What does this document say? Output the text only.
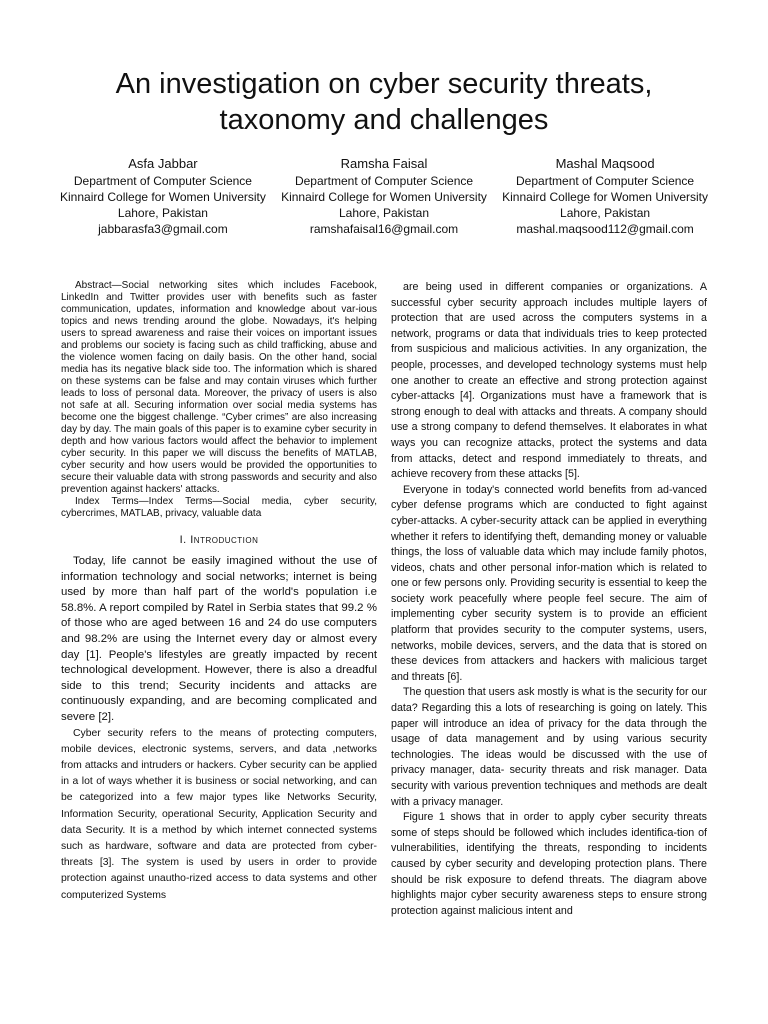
An investigation on cyber security threats,
taxonomy and challenges
Asfa Jabbar
Department of Computer Science
Kinnaird College for Women University
Lahore, Pakistan
jabbarasfa3@gmail.com
Ramsha Faisal
Department of Computer Science
Kinnaird College for Women University
Lahore, Pakistan
ramshafaisal16@gmail.com
Mashal Maqsood
Department of Computer Science
Kinnaird College for Women University
Lahore, Pakistan
mashal.maqsood112@gmail.com

Abstract—Social networking sites which includes Facebook, LinkedIn and Twitter provides user with benefits such as faster communication, updates, information and knowledge about var-ious topics and news trending around the globe. Nowadays, it's helping users to spread awareness and raise their voices on important issues and problems our society is facing such as child trafficking, abuse and the violence women facing on daily basis. On the other hand, social media has its negative black side too. The information which is shared on these systems can be false and may contain viruses which further leads to loss of personal data. Moreover, the privacy of users is also not safe at all. Securing information over social media systems has become one the biggest challenge. “Cyber crimes” are also increasing day by day. The main goals of this paper is to examine cyber security in depth and how various factors would affect the behavior to implement cyber security. In this paper we will discuss the benefits of MATLAB, cyber security and how users would be provided the opportunities to secure their valuable data with strong passwords and security and also prevention against hackers' attacks.

Index Terms—Index Terms—Social media, cyber security, cybercrimes, MATLAB, privacy, valuable data

I. Introduction

Today, life cannot be easily imagined without the use of information technology and social networks; internet is being used by more than half part of the world's population i.e 58.8%. A report compiled by Ratel in Serbia states that 99.2 % of those who are aged between 16 and 24 do use computers and 98.2% are using the Internet every day or almost every day [1]. People's lifestyles are greatly impacted by recent technological development. However, there is also a dreadful side to this trend; Security incidents and attacks are continuously expanding, and are becoming complicated and severe [2].

Cyber security refers to the means of protecting computers, mobile devices, electronic systems, servers, and data ,networks from attacks and intruders or hackers. Cyber security can be applied in a lot of ways whether it is business or social networking, and can be categorized into a few major types like Networks Security, Information Security, operational Security, Application Security and data Security. It is a method by which internet connected systems such as hardware, software and data are protected from cyber-threats [3]. The system is used by users in order to provide protection against unautho-rized access to data systems and other computerized Systems

are being used in different companies or organizations. A successful cyber security approach includes multiple layers of protection that are used across the computers systems in a network, programs or data that individuals tries to keep protected from suspicious and malicious activities. In any organization, the people, processes, and developed technology systems must help one another to create an effective and strong protection against cyber-attacks [4]. Organizations must have a framework that is strong enough to deal with attacks and threats. A company should use a strong company to defend themselves. It elaborates in what ways you can recognize attacks, protect the systems and data from attacks, detect and respond immediately to threats, and achieve recovery from these attacks [5].

Everyone in today's connected world benefits from ad-vanced cyber defense programs which are conducted to fight against cyber-attacks. A cyber-security attack can be applied in everything whether it refers to identifying theft, demanding money or valuable things, the loss of valuable data which may include family photos, videos, chats and other personal infor-mation which is related to one or few persons only. Providing security is essential to keep the society work peacefully where people feel secure. The aim of implementing cyber security system is to provide an efficient platform that provides security to the computer systems, users, networks, mobile devices, servers, and the data that is stored on these devices from attackers and hackers with malicious target and threats [6].

The question that users ask mostly is what is the security for our data? Regarding this a lots of researching is going on lately. This paper will introduce an idea of privacy for the data through the usage of data management and by using various security technologies. The ideas would be discussed with the use of privacy manager, data- security threats and risk manager. Data security with various prevention techniques and methods are dealt with a privacy manager.

Figure 1 shows that in order to apply cyber security threats some of steps should be followed which includes identifica-tion of vulnerabilities, identifying the threats, responding to incidents caused by cyber security and developing protection plans. There should be risk exposure to defend threats. The diagram above highlights major cyber security awareness steps to ensure strong protection against malicious intent and
